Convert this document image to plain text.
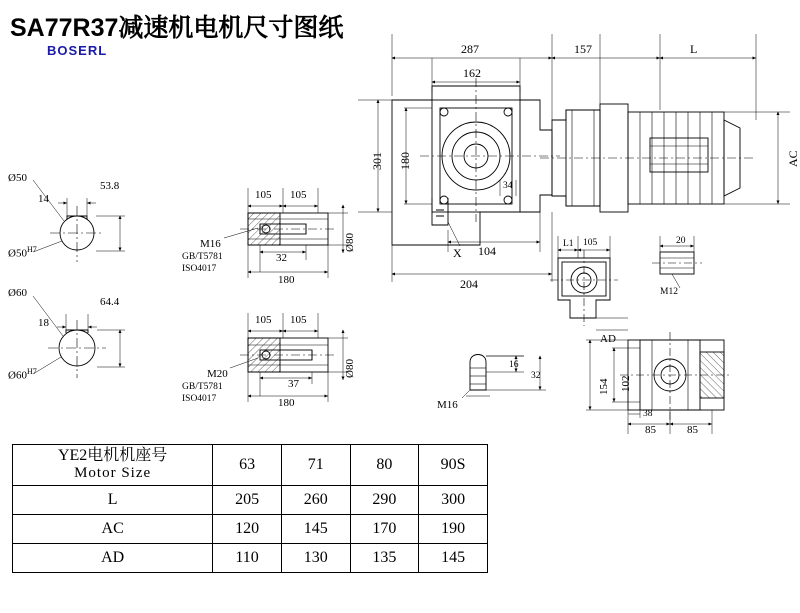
SA77R37减速机电机尺寸图纸
BOSERL
Ø50
14
53.8
$Ø50^{H7}$
Ø60
18
64.4
$Ø60^{H7}$
M16
GB/T5781
ISO4017
105 105
32
180
Ø80
M20
GB/T5781
ISO4017
105 105
37
180
Ø80
287
162
157	L
301 180
34
AC
X 104
204
M16
16
32
L1 105
AD
20
M12
154 102
38
85	85
YE2电机机座号
Motor Size	63	71	80	90S
L	205	260	290	300
AC	120	145	170	190
AD	110	130	135	145
